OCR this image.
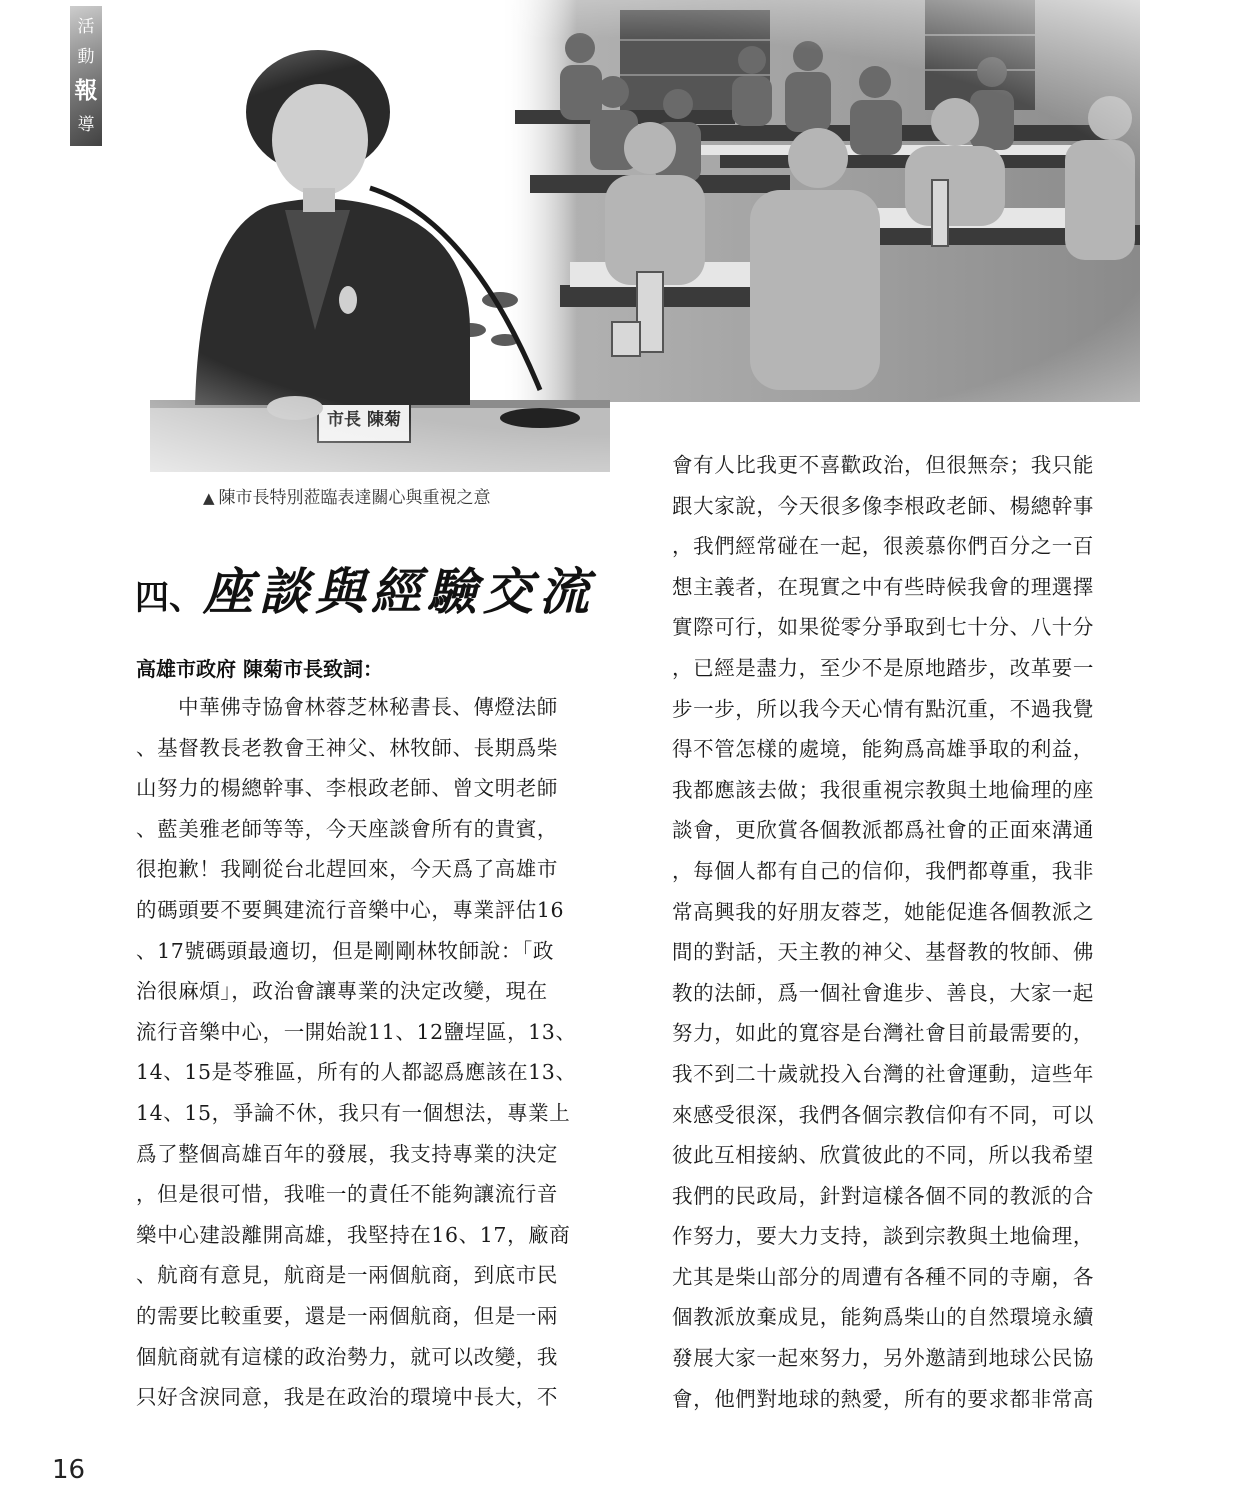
▲ 陳市長特別蒞臨表達關心與重視之意
四、 座談與經驗交流
高雄市政府 陳菊市長致詞：
中華佛寺協會林蓉芝林秘書長、傳燈法師
、基督教長老教會王神父、林牧師、長期爲柴
山努力的楊總幹事、李根政老師、曾文明老師
、藍美雅老師等等，今天座談會所有的貴賓，
很抱歉！我剛從台北趕回來，今天爲了高雄市
的碼頭要不要興建流行音樂中心，專業評估16
、17號碼頭最適切，但是剛剛林牧師說：「政
治很麻煩」，政治會讓專業的決定改變，現在
流行音樂中心，一開始說11、12鹽埕區，13、
14、15是苓雅區，所有的人都認爲應該在13、
14、15，爭論不休，我只有一個想法，專業上
爲了整個高雄百年的發展，我支持專業的決定
，但是很可惜，我唯一的責任不能夠讓流行音
樂中心建設離開高雄，我堅持在16、17，廠商
、航商有意見，航商是一兩個航商，到底市民
的需要比較重要，還是一兩個航商，但是一兩
個航商就有這樣的政治勢力，就可以改變，我
只好含淚同意，我是在政治的環境中長大，不
會有人比我更不喜歡政治，但很無奈；我只能
跟大家說，今天很多像李根政老師、楊總幹事
，我們經常碰在一起，很羨慕你們百分之一百
想主義者，在現實之中有些時候我會的理選擇
實際可行，如果從零分爭取到七十分、八十分
，已經是盡力，至少不是原地踏步，改革要一
步一步，所以我今天心情有點沉重，不過我覺
得不管怎樣的處境，能夠爲高雄爭取的利益，
我都應該去做；我很重視宗教與土地倫理的座
談會，更欣賞各個教派都爲社會的正面來溝通
，每個人都有自己的信仰，我們都尊重，我非
常高興我的好朋友蓉芝，她能促進各個教派之
間的對話，天主教的神父、基督教的牧師、佛
教的法師，爲一個社會進步、善良，大家一起
努力，如此的寬容是台灣社會目前最需要的，
我不到二十歲就投入台灣的社會運動，這些年
來感受很深，我們各個宗教信仰有不同，可以
彼此互相接納、欣賞彼此的不同，所以我希望
我們的民政局，針對這樣各個不同的教派的合
作努力，要大力支持，談到宗教與土地倫理，
尤其是柴山部分的周遭有各種不同的寺廟，各
個教派放棄成見，能夠爲柴山的自然環境永續
發展大家一起來努力，另外邀請到地球公民協
會，他們對地球的熱愛，所有的要求都非常高
16
